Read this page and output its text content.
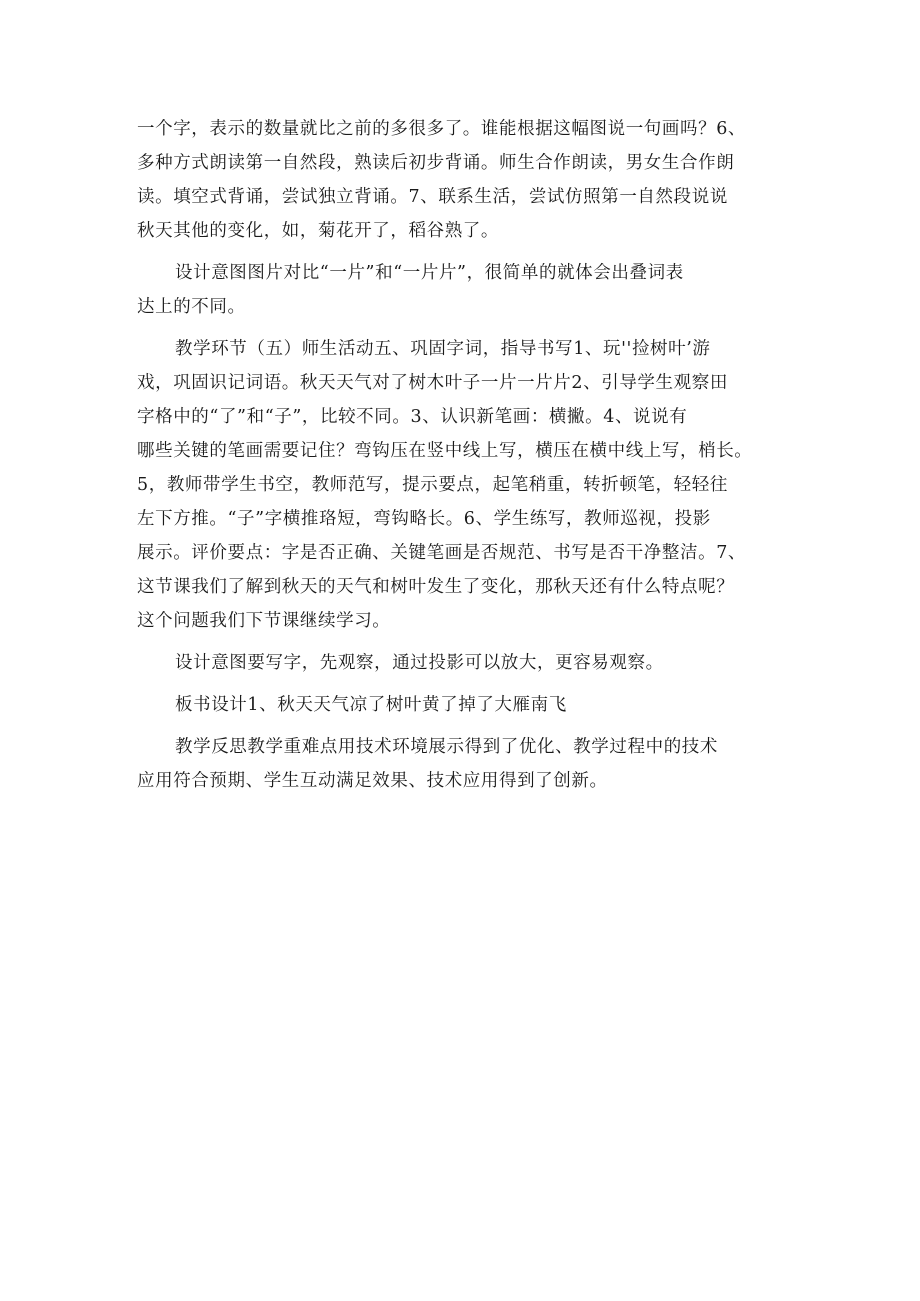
一个字，表示的数量就比之前的多很多了。谁能根据这幅图说一句画吗？6、
多种方式朗读第一自然段，熟读后初步背诵。师生合作朗读，男女生合作朗
读。填空式背诵，尝试独立背诵。7、联系生活，尝试仿照第一自然段说说
秋天其他的变化，如，菊花开了，稻谷熟了。

设计意图图片对比“一片”和“一片片”，很简单的就体会出叠词表
达上的不同。

教学环节（五）师生活动五、巩固字词，指导书写1、玩''捡树叶’游
戏，巩固识记词语。秋天天气对了树木叶子一片一片片2、引导学生观察田
字格中的“了”和“子”，比较不同。3、认识新笔画：横撇。4、说说有
哪些关键的笔画需要记住？弯钩压在竖中线上写，横压在横中线上写，梢长。
5，教师带学生书空，教师范写，提示要点，起笔稍重，转折顿笔，轻轻往
左下方推。“子”字横推珞短，弯钩略长。6、学生练写，教师巡视，投影
展示。评价要点：字是否正确、关键笔画是否规范、书写是否干净整洁。7、
这节课我们了解到秋天的天气和树叶发生了变化，那秋天还有什么特点呢？
这个问题我们下节课继续学习。

设计意图要写字，先观察，通过投影可以放大，更容易观察。

板书设计1、秋天天气凉了树叶黄了掉了大雁南飞

教学反思教学重难点用技术环境展示得到了优化、教学过程中的技术
应用符合预期、学生互动满足效果、技术应用得到了创新。
